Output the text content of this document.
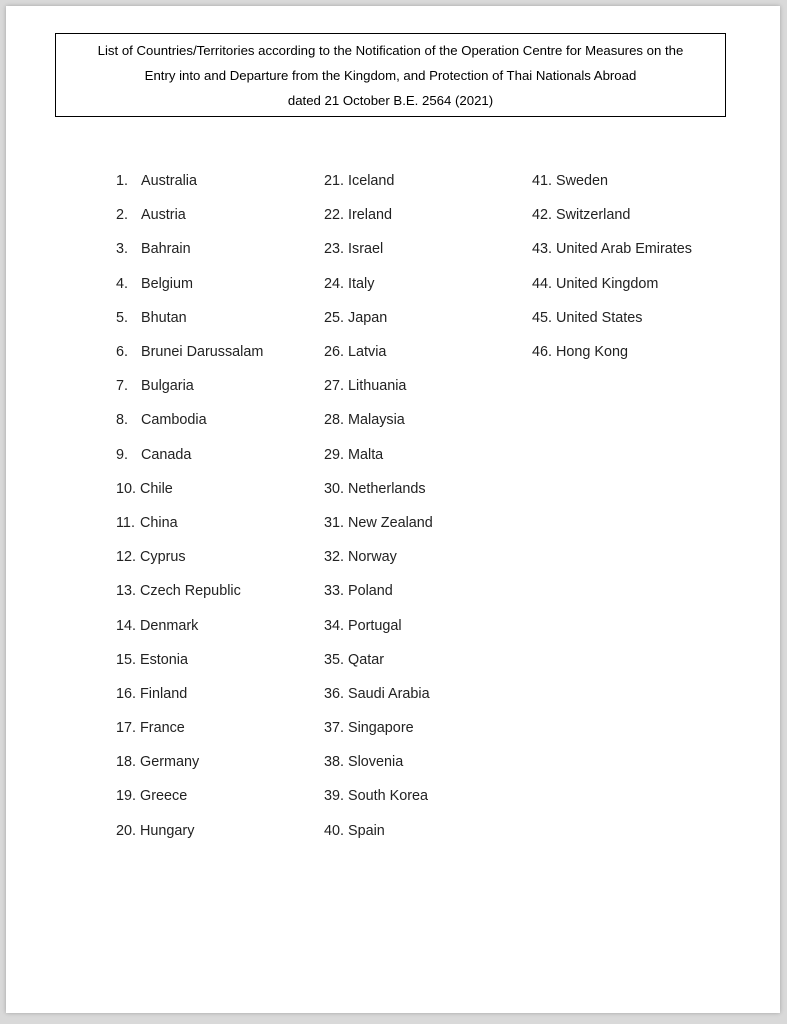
List of Countries/Territories according to the Notification of the Operation Centre for Measures on the
Entry into and Departure from the Kingdom, and Protection of Thai Nationals Abroad
dated 21 October B.E. 2564 (2021)
1. Australia
2. Austria
3. Bahrain
4. Belgium
5. Bhutan
6. Brunei Darussalam
7. Bulgaria
8. Cambodia
9. Canada
10. Chile
11. China
12. Cyprus
13. Czech Republic
14. Denmark
15. Estonia
16. Finland
17. France
18. Germany
19. Greece
20. Hungary
21. Iceland
22. Ireland
23. Israel
24. Italy
25. Japan
26. Latvia
27. Lithuania
28. Malaysia
29. Malta
30. Netherlands
31. New Zealand
32. Norway
33. Poland
34. Portugal
35. Qatar
36. Saudi Arabia
37. Singapore
38. Slovenia
39. South Korea
40. Spain
41. Sweden
42. Switzerland
43. United Arab Emirates
44. United Kingdom
45. United States
46. Hong Kong
